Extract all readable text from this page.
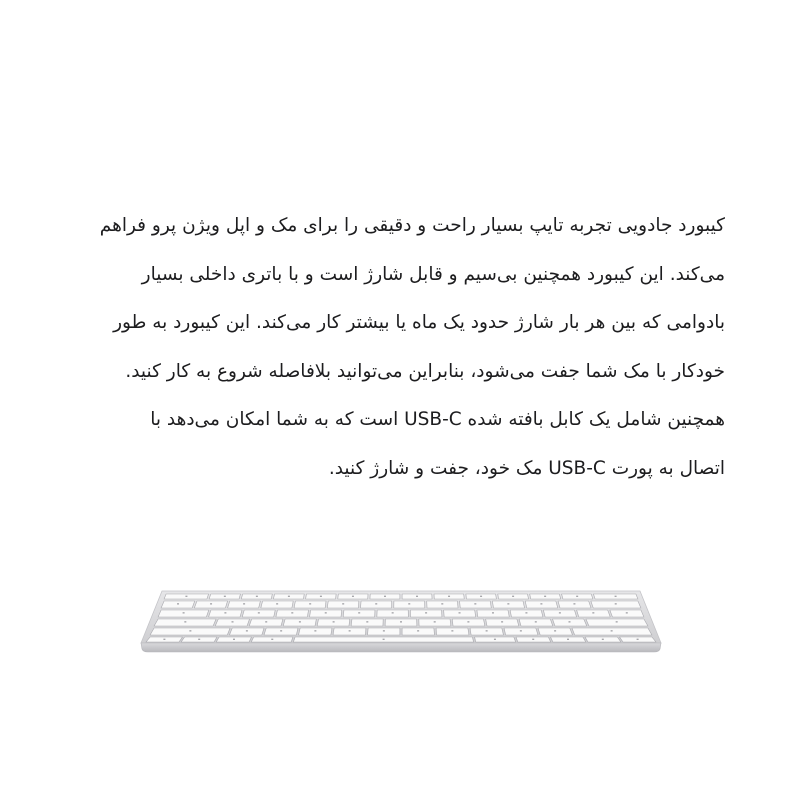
کیبورد جادویی تجربه تایپ بسیار راحت و دقیقی را برای مک و اپل ویژن پرو فراهم
می‌کند. این کیبورد همچنین بی‌سیم و قابل شارژ است و با باتری داخلی بسیار
بادوامی که بین هر بار شارژ حدود یک ماه یا بیشتر کار می‌کند. این کیبورد به طور
خودکار با مک شما جفت می‌شود، بنابراین می‌توانید بلافاصله شروع به کار کنید.
همچنین شامل یک کابل بافته شده USB-C است که به شما امکان می‌دهد با
اتصال به پورت USB-C مک خود، جفت و شارژ کنید.
